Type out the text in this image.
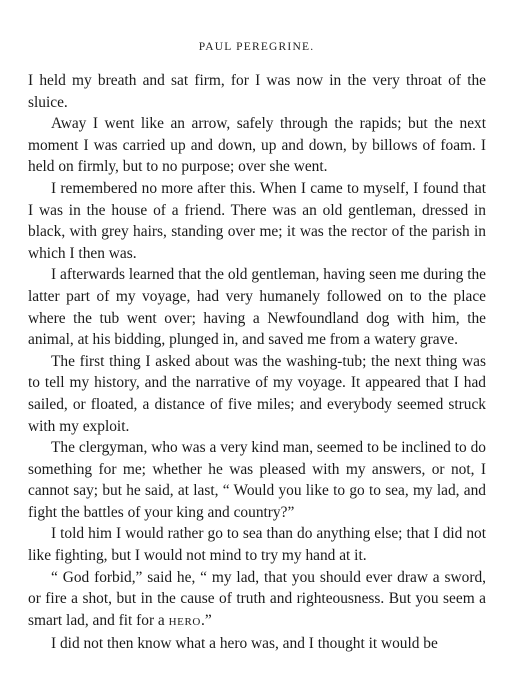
PAUL PEREGRINE.

I held my breath and sat firm, for I was now in the very throat of the sluice.

Away I went like an arrow, safely through the rapids; but the next moment I was carried up and down, up and down, by billows of foam. I held on firmly, but to no purpose; over she went.

I remembered no more after this. When I came to myself, I found that I was in the house of a friend. There was an old gentleman, dressed in black, with grey hairs, standing over me; it was the rector of the parish in which I then was.

I afterwards learned that the old gentleman, having seen me during the latter part of my voyage, had very humanely followed on to the place where the tub went over; having a Newfoundland dog with him, the animal, at his bidding, plunged in, and saved me from a watery grave.

The first thing I asked about was the washing-tub; the next thing was to tell my history, and the narrative of my voyage. It appeared that I had sailed, or floated, a distance of five miles; and everybody seemed struck with my exploit.

The clergyman, who was a very kind man, seemed to be inclined to do something for me; whether he was pleased with my answers, or not, I cannot say; but he said, at last, “ Would you like to go to sea, my lad, and fight the battles of your king and country?”

I told him I would rather go to sea than do anything else; that I did not like fighting, but I would not mind to try my hand at it.

“ God forbid,” said he, “ my lad, that you should ever draw a sword, or fire a shot, but in the cause of truth and righteousness. But you seem a smart lad, and fit for a HERO.”

I did not then know what a hero was, and I thought it would be
